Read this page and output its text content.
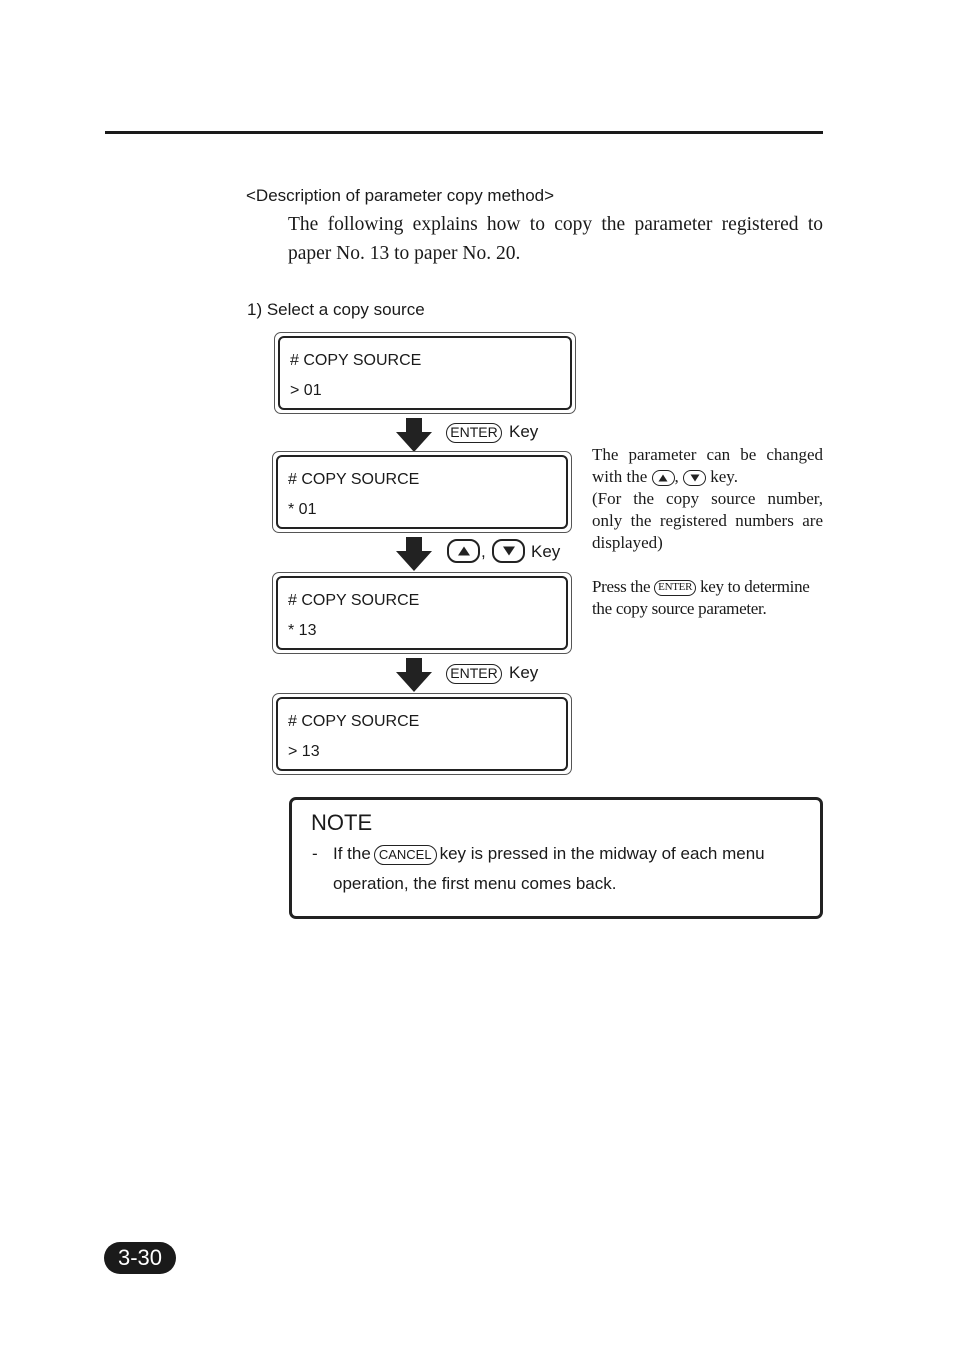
<Description of parameter copy method>
The following explains how to copy the parameter registered to paper No. 13 to paper No. 20.
1) Select a copy source
# COPY SOURCE
> 01
ENTER Key
# COPY SOURCE
* 01
,	Key
# COPY SOURCE
* 13
ENTER Key
# COPY SOURCE
> 13
The parameter can be changed
with the , key.
(For the copy source number, only the registered numbers are displayed)
Press the ENTER key to determine the copy source parameter.
NOTE
- If the CANCEL key is pressed in the midway of each menu
operation, the first menu comes back.
3-30
